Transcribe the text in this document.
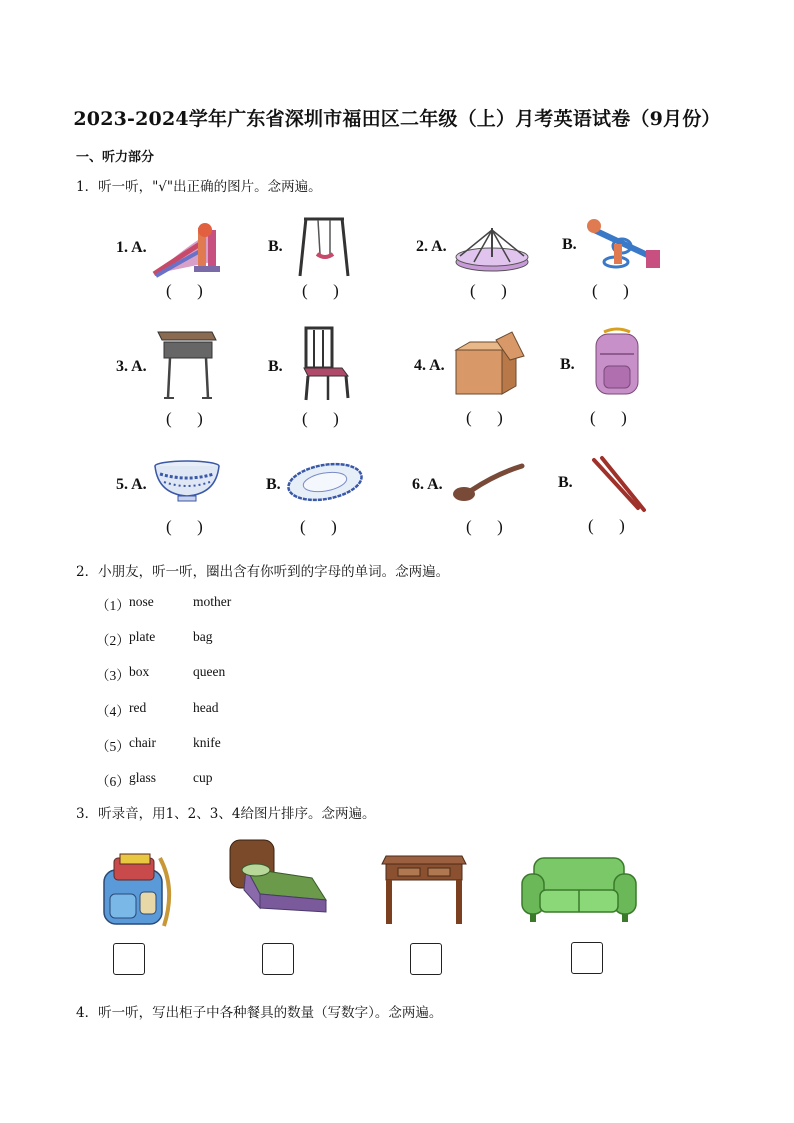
2023-2024学年广东省深圳市福田区二年级（上）月考英语试卷（9月份）
一、听力部分
1．听一听，"√"出正确的图片。念两遍。
1. A.
(      )
B.
(      )
2. A.
(      )
B.
(      )
3. A.
(      )
B.
(      )
4. A.
(      )
B.
(      )
5. A.
(      )
B.
(      )
6. A.
(      )
B.
(      )
2．小朋友，听一听，圈出含有你听到的字母的单词。念两遍。
（1） nose	mother
（2） plate	bag
（3） box	queen
（4） red	head
（5） chair	knife
（6） glass	cup
3．听录音，用1、2、3、4给图片排序。念两遍。
4．听一听，写出柜子中各种餐具的数量（写数字）。念两遍。
